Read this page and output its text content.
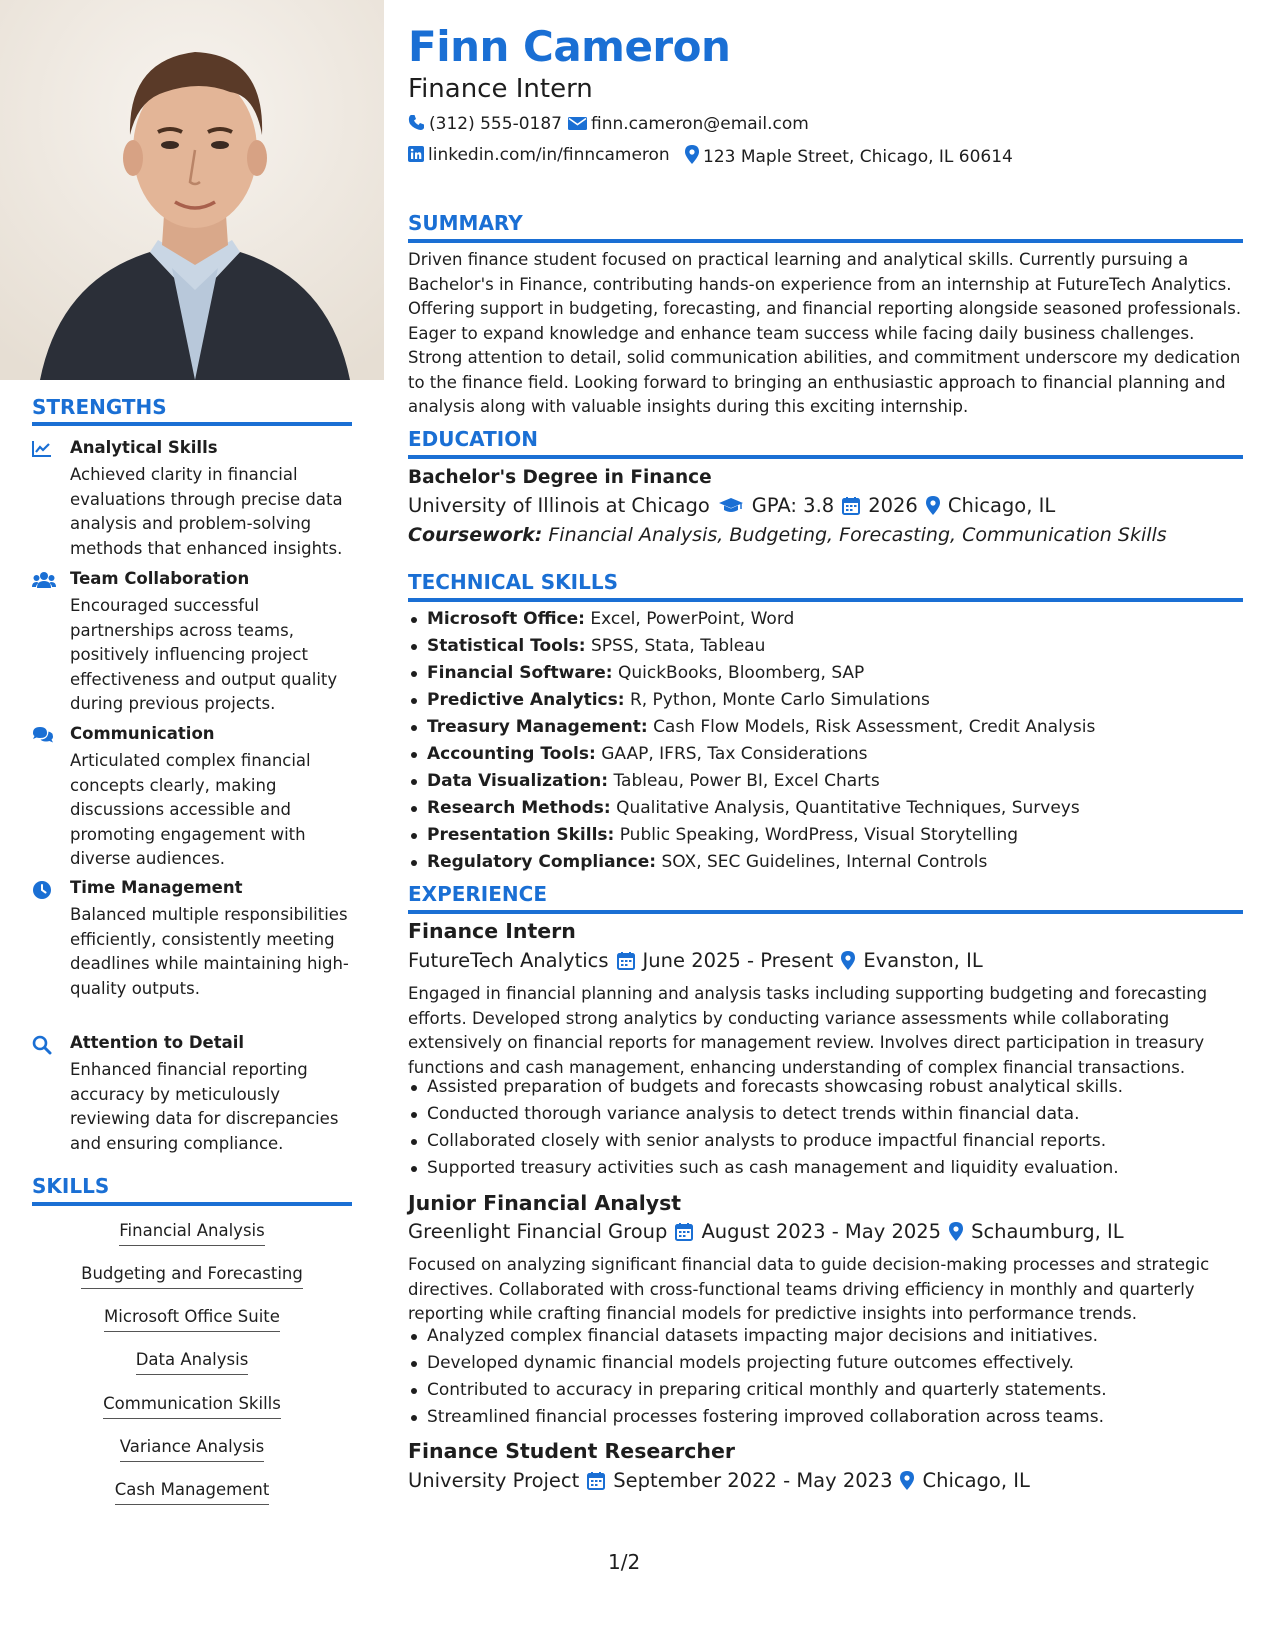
STRENGTHS
Analytical Skills
Achieved clarity in financial evaluations through precise data analysis and problem-solving methods that enhanced insights.
Team Collaboration
Encouraged successful partnerships across teams, positively influencing project effectiveness and output quality during previous projects.
Communication
Articulated complex financial concepts clearly, making discussions accessible and promoting engagement with diverse audiences.
Time Management
Balanced multiple responsibilities efficiently, consistently meeting deadlines while maintaining high-quality outputs.
Attention to Detail
Enhanced financial reporting accuracy by meticulously reviewing data for discrepancies and ensuring compliance.
SKILLS
Financial Analysis
Budgeting and Forecasting
Microsoft Office Suite
Data Analysis
Communication Skills
Variance Analysis
Cash Management
Finn Cameron
Finance Intern
(312) 555-0187	finn.cameron@email.com
linkedin.com/in/finncameron	123 Maple Street, Chicago, IL 60614
SUMMARY
Driven finance student focused on practical learning and analytical skills. Currently pursuing a Bachelor's in Finance, contributing hands-on experience from an internship at FutureTech Analytics. Offering support in budgeting, forecasting, and financial reporting alongside seasoned professionals. Eager to expand knowledge and enhance team success while facing daily business challenges. Strong attention to detail, solid communication abilities, and commitment underscore my dedication to the finance field. Looking forward to bringing an enthusiastic approach to financial planning and analysis along with valuable insights during this exciting internship.
EDUCATION
Bachelor's Degree in Finance
University of Illinois at Chicago GPA: 3.8 2026 Chicago, IL
Coursework: Financial Analysis, Budgeting, Forecasting, Communication Skills
TECHNICAL SKILLS
Microsoft Office: Excel, PowerPoint, Word
Statistical Tools: SPSS, Stata, Tableau
Financial Software: QuickBooks, Bloomberg, SAP
Predictive Analytics: R, Python, Monte Carlo Simulations
Treasury Management: Cash Flow Models, Risk Assessment, Credit Analysis
Accounting Tools: GAAP, IFRS, Tax Considerations
Data Visualization: Tableau, Power BI, Excel Charts
Research Methods: Qualitative Analysis, Quantitative Techniques, Surveys
Presentation Skills: Public Speaking, WordPress, Visual Storytelling
Regulatory Compliance: SOX, SEC Guidelines, Internal Controls
EXPERIENCE
Finance Intern
FutureTech Analytics June 2025 - Present Evanston, IL
Engaged in financial planning and analysis tasks including supporting budgeting and forecasting efforts. Developed strong analytics by conducting variance assessments while collaborating extensively on financial reports for management review. Involves direct participation in treasury functions and cash management, enhancing understanding of complex financial transactions.
Assisted preparation of budgets and forecasts showcasing robust analytical skills.
Conducted thorough variance analysis to detect trends within financial data.
Collaborated closely with senior analysts to produce impactful financial reports.
Supported treasury activities such as cash management and liquidity evaluation.
Junior Financial Analyst
Greenlight Financial Group August 2023 - May 2025 Schaumburg, IL
Focused on analyzing significant financial data to guide decision-making processes and strategic directives. Collaborated with cross-functional teams driving efficiency in monthly and quarterly reporting while crafting financial models for predictive insights into performance trends.
Analyzed complex financial datasets impacting major decisions and initiatives.
Developed dynamic financial models projecting future outcomes effectively.
Contributed to accuracy in preparing critical monthly and quarterly statements.
Streamlined financial processes fostering improved collaboration across teams.
Finance Student Researcher
University Project September 2022 - May 2023 Chicago, IL
1/2
